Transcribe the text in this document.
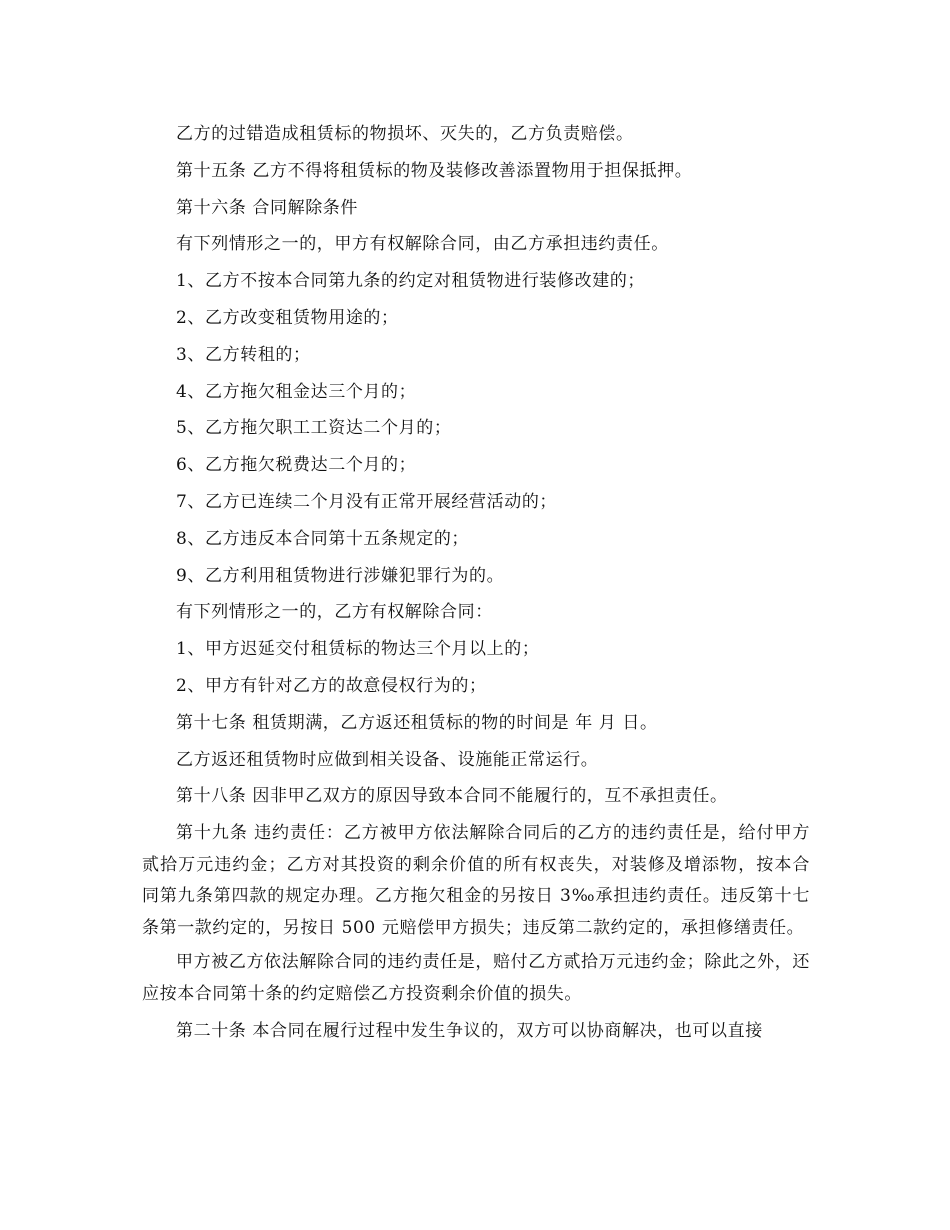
乙方的过错造成租赁标的物损坏、灭失的，乙方负责赔偿。

第十五条 乙方不得将租赁标的物及装修改善添置物用于担保抵押。

第十六条 合同解除条件

有下列情形之一的，甲方有权解除合同，由乙方承担违约责任。

1、乙方不按本合同第九条的约定对租赁物进行装修改建的；

2、乙方改变租赁物用途的；

3、乙方转租的；

4、乙方拖欠租金达三个月的；

5、乙方拖欠职工工资达二个月的；

6、乙方拖欠税费达二个月的；

7、乙方已连续二个月没有正常开展经营活动的；

8、乙方违反本合同第十五条规定的；

9、乙方利用租赁物进行涉嫌犯罪行为的。

有下列情形之一的，乙方有权解除合同：

1、甲方迟延交付租赁标的物达三个月以上的；

2、甲方有针对乙方的故意侵权行为的；

第十七条 租赁期满，乙方返还租赁标的物的时间是 年 月 日。

乙方返还租赁物时应做到相关设备、设施能正常运行。

第十八条 因非甲乙双方的原因导致本合同不能履行的，互不承担责任。

第十九条 违约责任：乙方被甲方依法解除合同后的乙方的违约责任是，给付甲方贰拾万元违约金；乙方对其投资的剩余价值的所有权丧失，对装修及增添物，按本合同第九条第四款的规定办理。乙方拖欠租金的另按日 3‰承担违约责任。违反第十七条第一款约定的，另按日 500 元赔偿甲方损失；违反第二款约定的，承担修缮责任。

甲方被乙方依法解除合同的违约责任是，赔付乙方贰拾万元违约金；除此之外，还应按本合同第十条的约定赔偿乙方投资剩余价值的损失。

第二十条 本合同在履行过程中发生争议的，双方可以协商解决，也可以直接
